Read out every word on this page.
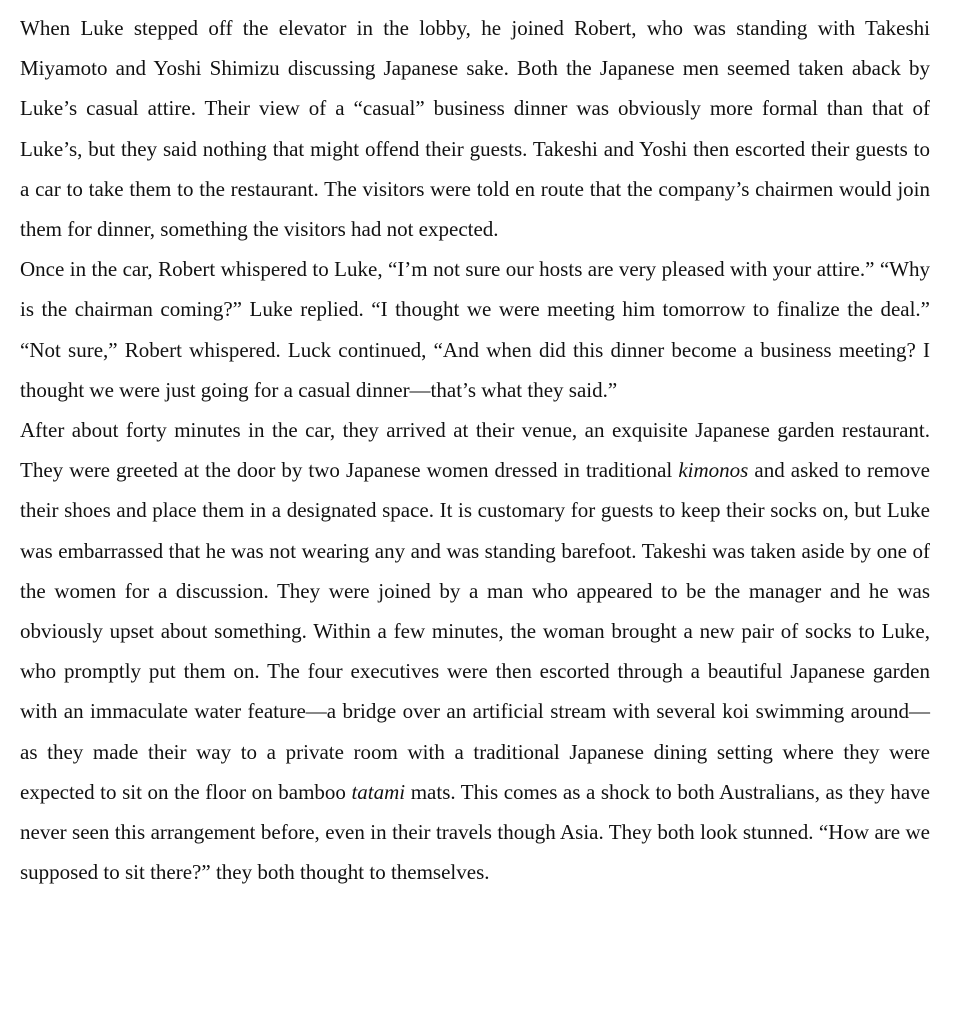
When Luke stepped off the elevator in the lobby, he joined Robert, who was standing with Takeshi Miyamoto and Yoshi Shimizu discussing Japanese sake. Both the Japanese men seemed taken aback by Luke’s casual attire. Their view of a “casual” business dinner was obviously more formal than that of Luke’s, but they said nothing that might offend their guests. Takeshi and Yoshi then escorted their guests to a car to take them to the restaurant. The visitors were told en route that the company’s chairmen would join them for dinner, something the visitors had not expected.

Once in the car, Robert whispered to Luke, “I’m not sure our hosts are very pleased with your attire.” “Why is the chairman coming?” Luke replied. “I thought we were meeting him tomorrow to finalize the deal.” “Not sure,” Robert whispered. Luck continued, “And when did this dinner become a business meeting? I thought we were just going for a casual dinner—that’s what they said.”

After about forty minutes in the car, they arrived at their venue, an exquisite Japanese garden restaurant. They were greeted at the door by two Japanese women dressed in traditional kimonos and asked to remove their shoes and place them in a designated space. It is customary for guests to keep their socks on, but Luke was embarrassed that he was not wearing any and was standing barefoot. Takeshi was taken aside by one of the women for a discussion. They were joined by a man who appeared to be the manager and he was obviously upset about something. Within a few minutes, the woman brought a new pair of socks to Luke, who promptly put them on. The four executives were then escorted through a beautiful Japanese garden with an immaculate water feature—a bridge over an artificial stream with several koi swimming around—as they made their way to a private room with a traditional Japanese dining setting where they were expected to sit on the floor on bamboo tatami mats. This comes as a shock to both Australians, as they have never seen this arrangement before, even in their travels though Asia. They both look stunned. “How are we supposed to sit there?” they both thought to themselves.
